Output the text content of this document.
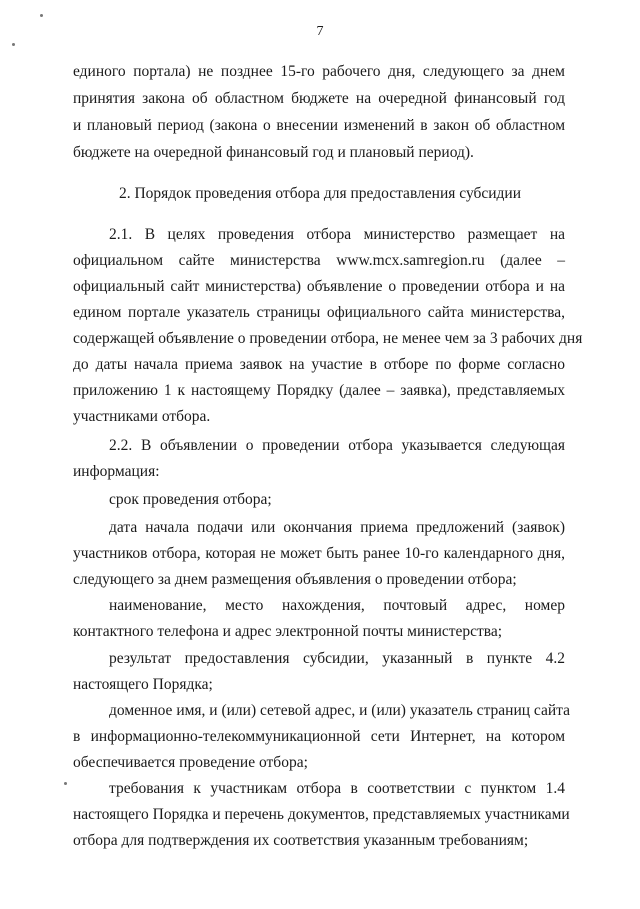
7
единого портала) не позднее 15-го рабочего дня, следующего за днем
принятия закона об областном бюджете на очередной финансовый год
и плановый период (закона о внесении изменений в закон об областном
бюджете на очередной финансовый год и плановый период).
2. Порядок проведения отбора для предоставления субсидии
2.1. В целях проведения отбора министерство размещает на
официальном сайте министерства www.mcx.samregion.ru (далее –
официальный сайт министерства) объявление о проведении отбора и на
едином портале указатель страницы официального сайта министерства,
содержащей объявление о проведении отбора, не менее чем за 3 рабочих дня
до даты начала приема заявок на участие в отборе по форме согласно
приложению 1 к настоящему Порядку (далее – заявка), представляемых
участниками отбора.
2.2. В объявлении о проведении отбора указывается следующая
информация:
срок проведения отбора;
дата начала подачи или окончания приема предложений (заявок)
участников отбора, которая не может быть ранее 10-го календарного дня,
следующего за днем размещения объявления о проведении отбора;
наименование, место нахождения, почтовый адрес, номер
контактного телефона и адрес электронной почты министерства;
результат предоставления субсидии, указанный в пункте 4.2
настоящего Порядка;
доменное имя, и (или) сетевой адрес, и (или) указатель страниц сайта
в информационно-телекоммуникационной сети Интернет, на котором
обеспечивается проведение отбора;
требования к участникам отбора в соответствии с пунктом 1.4
настоящего Порядка и перечень документов, представляемых участниками
отбора для подтверждения их соответствия указанным требованиям;
